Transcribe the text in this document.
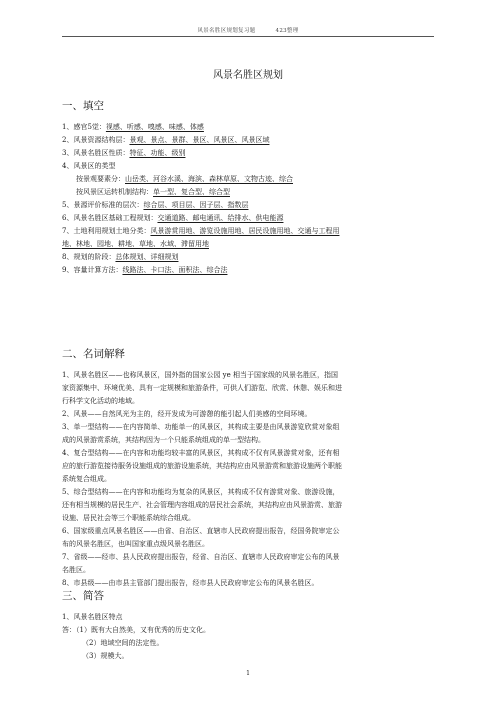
风景名胜区规划复习题	423整理
风景名胜区规划
一、填空
1、感官5觉：视感、听感、嗅感、味感、体感
2、风景资源结构层：景观、景点、景群、景区、风景区、风景区域
3、风景名胜区性质：特征、功能、级别
4、风景区的类型
按景观要素分：山岳类、河谷水溪、海滨、森林草原、文物古迹、综合
按风景区运转机制结构：单一型、复合型、综合型
5、景源评价标准的层次：综合层、项目层、因子层、指数层
6、风景名胜区基础工程规划：交通道路、邮电通讯、给排水、供电能源
7、土地利用规划土地分类：风景游赏用地、游览设施用地、居民设施用地、交通与工程用
地、林地、园地、耕地、草地、水域、滞留用地
8、规划的阶段：总体规划、详细规划
9、容量计算方法：线路法、卡口法、面积法、综合法
二、名词解释
1、风景名胜区——也称风景区，国外指的国家公园 ye 相当于国家级的风景名胜区，指国
家资源集中、环境优美、具有一定规模和旅游条件，可供人们游览、欣赏、休憩、娱乐和进
行科学文化活动的地域。
2、风景——自然风光为主的，经开发成为可游憩的能引起人们美感的空间环境。
3、单一型结构——在内容简单、功能单一的风景区，其构成主要是由风景游览欣赏对象组
成的风景游赏系统，其结构因为一个只能系统组成的单一型结构。
4、复合型结构——在内容和功能均较丰富的风景区，其构成不仅有风景游赏对象，还有相
应的旅行游览接待服务设施组成的旅游设施系统，其结构应由风景游赏和旅游设施两个职能
系统复合组成。
5、综合型结构——在内容和功能均为复杂的风景区，其构成不仅有游赏对象、旅游设施，
还有相当规模的居民生产、社会管理内容组成的居民社会系统，其结构应由风景游赏、旅游
设施、居民社会等三个职能系统综合组成。
6、国家级重点风景名胜区——由省、自治区、直辖市人民政府提出报告，经国务院审定公
布的风景名胜区，也叫国家重点级风景名胜区。
7、省级——经市、县人民政府提出报告，经省、自治区、直辖市人民政府审定公布的风景
名胜区。
8、市县级——由市县主管部门提出报告，经市县人民政府审定公布的风景名胜区。
三、简答
1、风景名胜区特点
答：（1）既有大自然美，又有优秀的历史文化。
（2）地域空间的法定性。
（3）规模大。
1
